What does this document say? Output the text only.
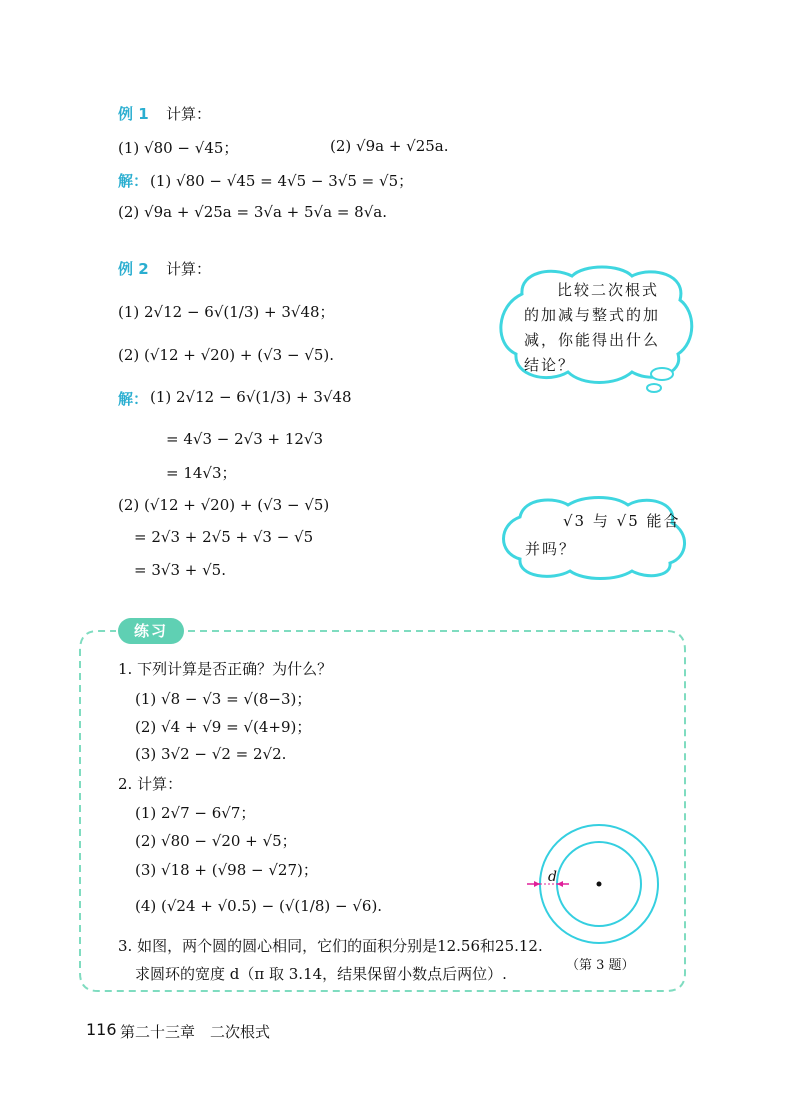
例 1 计算：
(1) √80 − √45；	(2) √9a + √25a.
解： (1) √80 − √45 = 4√5 − 3√5 = √5；
(2) √9a + √25a = 3√a + 5√a = 8√a.
例 2 计算：
(1) 2√12 − 6√(1/3) + 3√48；
(2) (√12 + √20) + (√3 − √5).
解： (1) 2√12 − 6√(1/3) + 3√48
= 4√3 − 2√3 + 12√3
= 14√3；
(2) (√12 + √20) + (√3 − √5)
= 2√3 + 2√5 + √3 − √5
= 3√3 + √5.
比较二次根式
的加减与整式的加
减，你能得出什么
结论？
√3 与 √5 能合
并吗？
练习
1. 下列计算是否正确？为什么？
(1) √8 − √3 = √(8−3)；
(2) √4 + √9 = √(4+9)；
(3) 3√2 − √2 = 2√2.
2. 计算：
(1) 2√7 − 6√7；
(2) √80 − √20 + √5；
(3) √18 + (√98 − √27)；
(4) (√24 + √0.5) − (√(1/8) − √6).
3. 如图，两个圆的圆心相同，它们的面积分别是12.56和25.12.
求圆环的宽度 d（π 取 3.14，结果保留小数点后两位）.
d
（第 3 题）
116 第二十三章　二次根式
